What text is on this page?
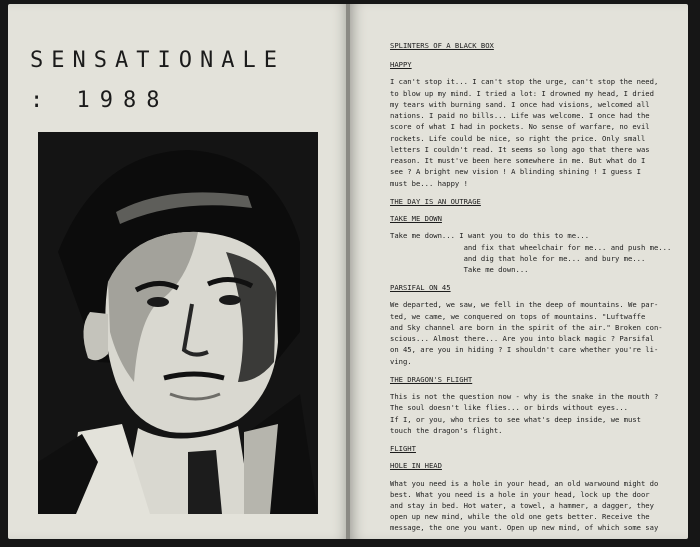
SENSATIONALE
: 1988
SPLINTERS OF A BLACK BOX
HAPPY
I can't stop it... I can't stop the urge, can't stop the need,
to blow up my mind. I tried a lot: I drowned my head, I dried
my tears with burning sand. I once had visions, welcomed all
nations. I paid no bills... Life was welcome. I once had the
score of what I had in pockets. No sense of warfare, no evil
rockets. Life could be nice, so right the price. Only small
letters I couldn't read. It seems so long ago that there was
reason. It must've been here somewhere in me. But what do I
see ? A bright new vision ! A blinding shining ! I guess I
must be... happy !
THE DAY IS AN OUTRAGE
TAKE ME DOWN
Take me down... I want you to do this to me...
and fix that wheelchair for me... and push me...
and dig that hole for me... and bury me...
Take me down...
PARSIFAL ON 45
We departed, we saw, we fell in the deep of mountains. We par-
ted, we came, we conquered on tops of mountains. "Luftwaffe
and Sky channel are born in the spirit of the air." Broken con-
scious... Almost there... Are you into black magic ? Parsifal
on 45, are you in hiding ? I shouldn't care whether you're li-
ving.
THE DRAGON'S FLIGHT
This is not the question now - why is the snake in the mouth ?
The soul doesn't like flies... or birds without eyes...
If I, or you, who tries to see what's deep inside, we must
touch the dragon's flight.
FLIGHT
HOLE IN HEAD
What you need is a hole in your head, an old warwound might do
best. What you need is a hole in your head, lock up the door
and stay in bed. Hot water, a towel, a hammer, a dagger, they
open up new mind, while the old one gets better. Receive the
message, the one you want. Open up new mind, of which some say
